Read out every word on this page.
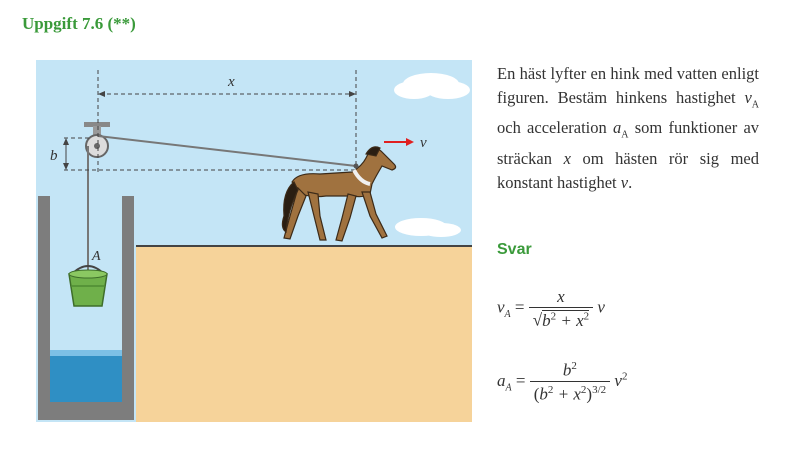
Uppgift 7.6 (**)
x
b
v
A
En häst lyfter en hink med vatten enligt figuren. Bestäm hinkens hastighet $v_A$ och acceleration $a_A$ som funktioner av sträckan x om hästen rör sig med konstant hastighet v.
Svar
$v_A = \frac{x}{√b^2 + x^2}$ v
$a_A = \frac{b^2}{(b^2 + x^2)^{3/2}} v^2$
